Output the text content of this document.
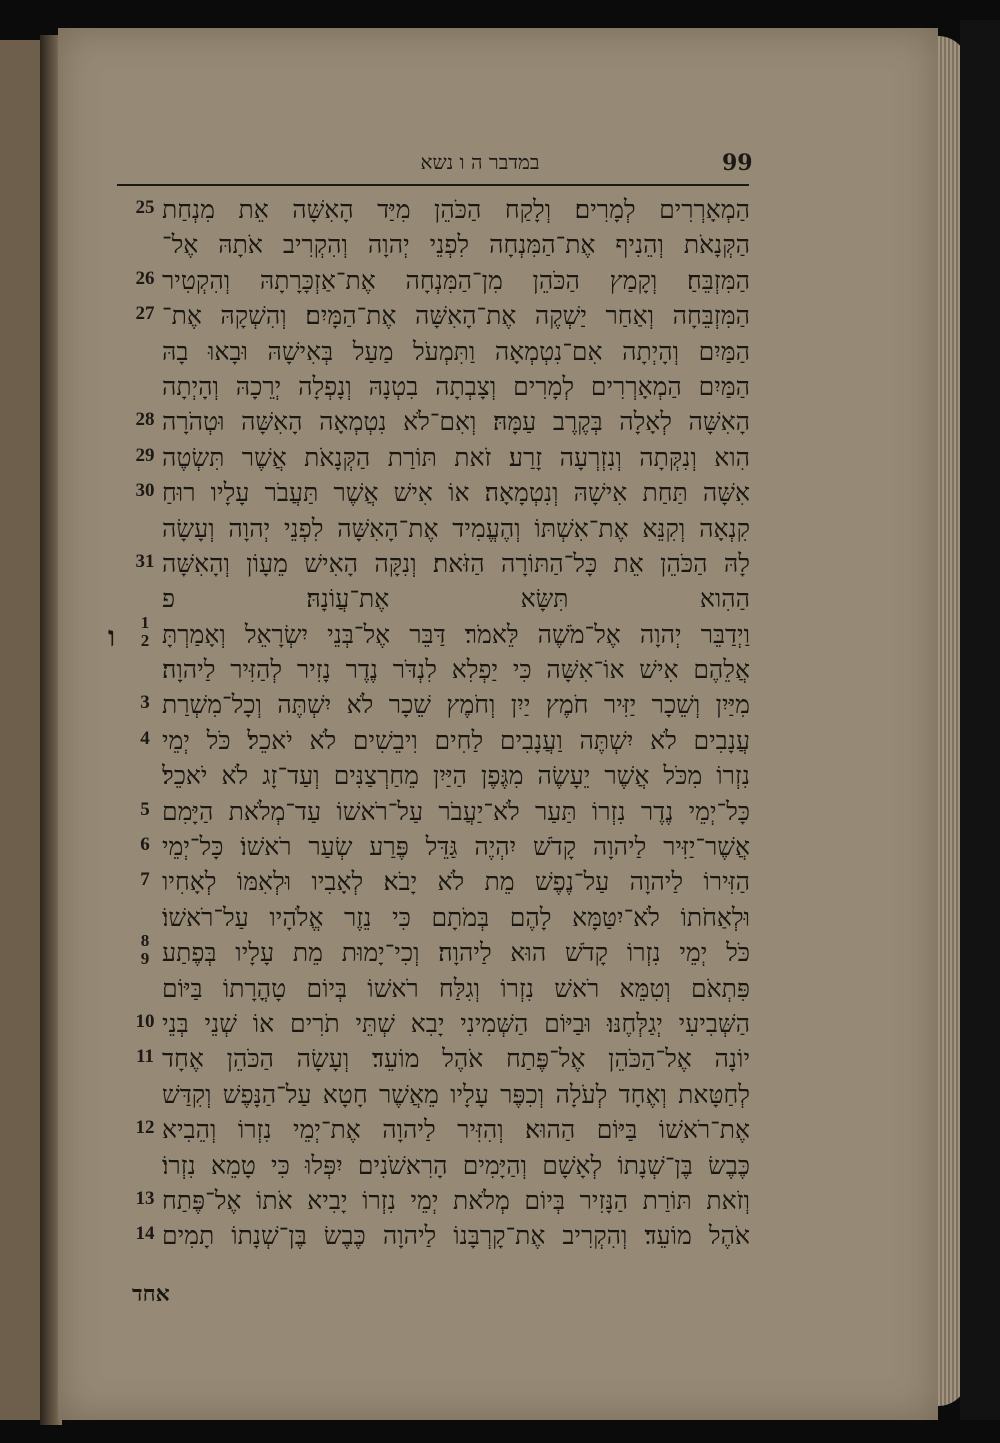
במדבר ה ו נשא	99
25 הַמְאָרְרִים לְמָרִים׃ וְלָקַח הַכֹּהֵן מִיַּד הָאִשָּׁה אֵת מִנְחַת
הַקְּנָאֹת וְהֵנִיף אֶת־הַמִּנְחָה לִפְנֵי יְהוָה וְהִקְרִיב אֹתָהּ אֶל־
26 הַמִּזְבֵּחַ׃ וְקָמַץ הַכֹּהֵן מִן־הַמִּנְחָה אֶת־אַזְכָּרָתָהּ וְהִקְטִיר
27 הַמִּזְבֵּחָה וְאַחַר יַשְׁקֶה אֶת־הָאִשָּׁה אֶת־הַמָּיִם׃ וְהִשְׁקָהּ אֶת־
הַמַּיִם וְהָיְתָה אִם־נִטְמְאָה וַתִּמְעֹל מַעַל בְּאִישָׁהּ וּבָאוּ בָהּ
הַמַּיִם הַמְאָרְרִים לְמָרִים וְצָבְתָה בִטְנָהּ וְנָפְלָה יְרֵכָהּ וְהָיְתָה
28 הָאִשָּׁה לְאָלָה בְּקֶרֶב עַמָּהּ׃ וְאִם־לֹא נִטְמְאָה הָאִשָּׁה וּטְהֹרָה
29 הִוא וְנִקְּתָה וְנִזְרְעָה זָרַע׃ זֹאת תּוֹרַת הַקְּנָאֹת אֲשֶׁר תִּשְׂטֶה
30 אִשָּׁה תַּחַת אִישָׁהּ וְנִטְמָאָה׃ אוֹ אִישׁ אֲשֶׁר תַּעֲבֹר עָלָיו רוּחַ
קִנְאָה וְקִנֵּא אֶת־אִשְׁתּוֹ וְהֶעֱמִיד אֶת־הָאִשָּׁה לִפְנֵי יְהוָה וְעָשָׂה
31 לָהּ הַכֹּהֵן אֵת כָּל־הַתּוֹרָה הַזֹּאת׃ וְנִקָּה הָאִישׁ מֵעָוֹן וְהָאִשָּׁה
הַהִוא תִּשָּׂא אֶת־עֲוֹנָהּ׃ פ
1
2
ו וַיְדַבֵּר יְהוָה אֶל־מֹשֶׁה לֵּאמֹר׃ דַּבֵּר אֶל־בְּנֵי יִשְׂרָאֵל וְאָמַרְתָּ
אֲלֵהֶם אִישׁ אוֹ־אִשָּׁה כִּי יַפְלִא לִנְדֹּר נֶדֶר נָזִיר לְהַזִּיר לַיהוָה׃
3 מִיַּיִן וְשֵׁכָר יַזִּיר חֹמֶץ יַיִן וְחֹמֶץ שֵׁכָר לֹא יִשְׁתֶּה וְכָל־מִשְׁרַת
4 עֲנָבִים לֹא יִשְׁתֶּה וַעֲנָבִים לַחִים וִיבֵשִׁים לֹא יֹאכֵל׃ כֹּל יְמֵי
נִזְרוֹ מִכֹּל אֲשֶׁר יֵעָשֶׂה מִגֶּפֶן הַיַּיִן מֵחַרְצַנִּים וְעַד־זָג לֹא יֹאכֵל׃
5 כָּל־יְמֵי נֶדֶר נִזְרוֹ תַּעַר לֹא־יַעֲבֹר עַל־רֹאשׁוֹ עַד־מְלֹאת הַיָּמִם
6 אֲשֶׁר־יַזִּיר לַיהוָה קָדֹשׁ יִהְיֶה גַּדֵּל פֶּרַע שְׂעַר רֹאשׁוֹ׃ כָּל־יְמֵי
7 הַזִּירוֹ לַיהוָה עַל־נֶפֶשׁ מֵת לֹא יָבֹא׃ לְאָבִיו וּלְאִמּוֹ לְאָחִיו
וּלְאַחֹתוֹ לֹא־יִטַּמָּא לָהֶם בְּמֹתָם כִּי נֵזֶר אֱלֹהָיו עַל־רֹאשׁוֹ׃
8
9 כֹּל יְמֵי נִזְרוֹ קָדֹשׁ הוּא לַיהוָה׃ וְכִי־יָמוּת מֵת עָלָיו בְּפֶתַע
פִּתְאֹם וְטִמֵּא רֹאשׁ נִזְרוֹ וְגִלַּח רֹאשׁוֹ בְּיוֹם טָהֳרָתוֹ בַּיּוֹם
10 הַשְּׁבִיעִי יְגַלְּחֶנּוּ׃ וּבַיּוֹם הַשְּׁמִינִי יָבִא שְׁתֵּי תֹרִים אוֹ שְׁנֵי בְּנֵי
11 יוֹנָה אֶל־הַכֹּהֵן אֶל־פֶּתַח אֹהֶל מוֹעֵד׃ וְעָשָׂה הַכֹּהֵן אֶחָד
לְחַטָּאת וְאֶחָד לְעֹלָה וְכִפֶּר עָלָיו מֵאֲשֶׁר חָטָא עַל־הַנָּפֶשׁ וְקִדַּשׁ
12 אֶת־רֹאשׁוֹ בַּיּוֹם הַהוּא׃ וְהִזִּיר לַיהוָה אֶת־יְמֵי נִזְרוֹ וְהֵבִיא
כֶּבֶשׂ בֶּן־שְׁנָתוֹ לְאָשָׁם וְהַיָּמִים הָרִאשֹׁנִים יִפְּלוּ כִּי טָמֵא נִזְרוֹ׃
13 וְזֹאת תּוֹרַת הַנָּזִיר בְּיוֹם מְלֹאת יְמֵי נִזְרוֹ יָבִיא אֹתוֹ אֶל־פֶּתַח
14 אֹהֶל מוֹעֵד׃ וְהִקְרִיב אֶת־קָרְבָּנוֹ לַיהוָה כֶּבֶשׂ בֶּן־שְׁנָתוֹ תָמִים
אחד
